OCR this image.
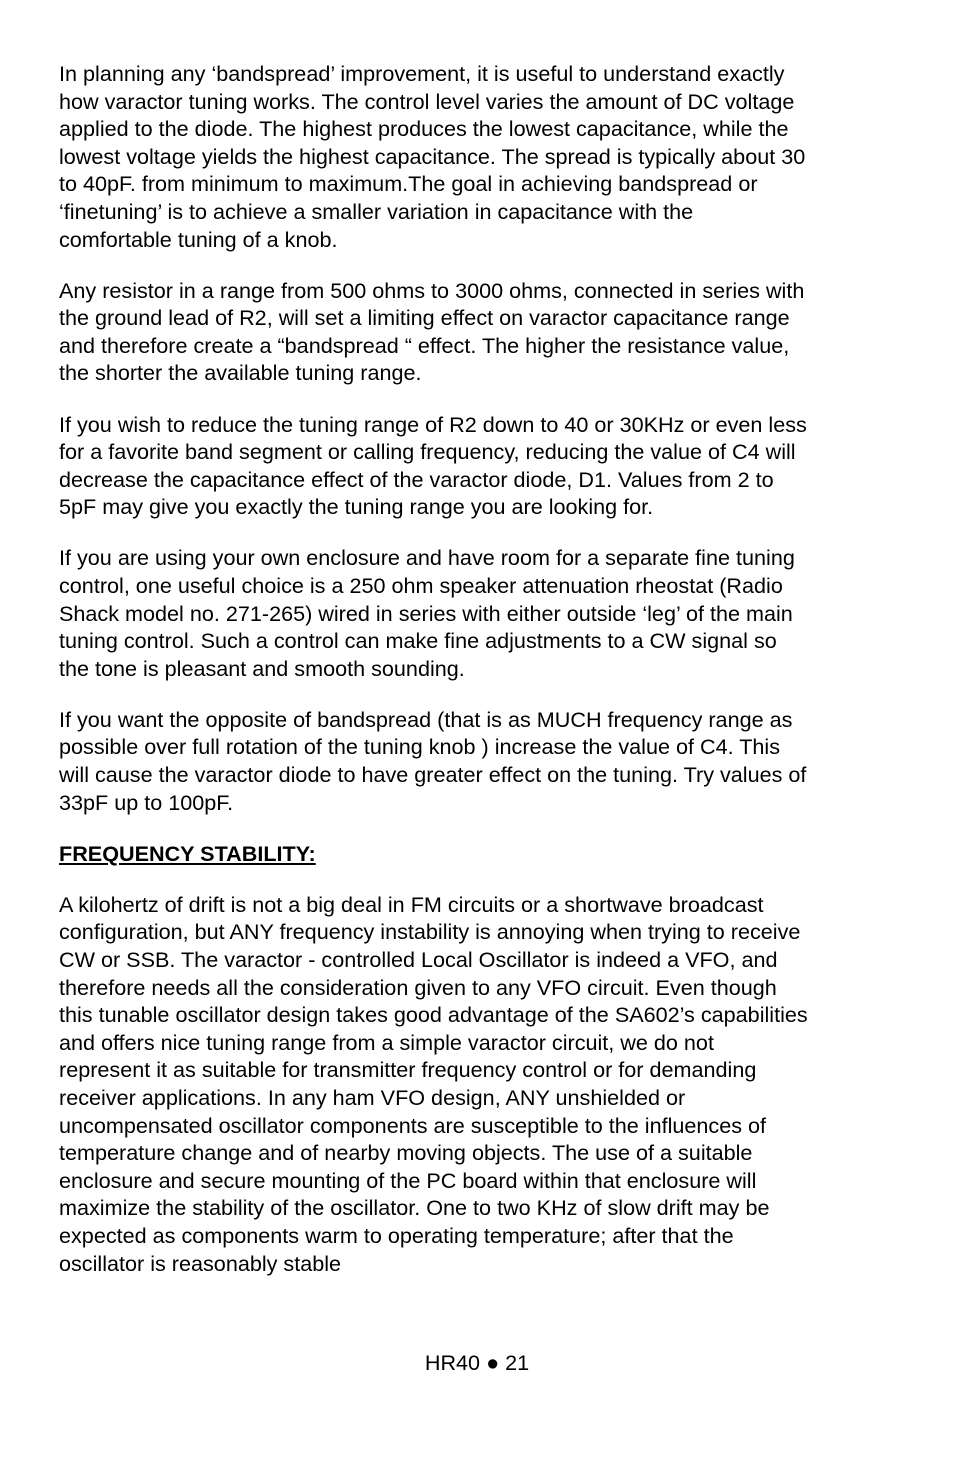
In planning any ‘bandspread’ improvement, it is useful to understand exactly
how varactor tuning works. The control level varies the amount of DC voltage
applied to the diode. The highest produces the lowest capacitance, while the
lowest voltage yields the highest capacitance. The spread is typically about 30
to 40pF. from minimum to maximum.The goal in achieving bandspread or
‘finetuning’ is to achieve a smaller variation in capacitance with the
comfortable tuning of a knob.
Any resistor in a range from 500 ohms to 3000 ohms, connected in series with
the ground lead of R2, will set a limiting effect on varactor capacitance range
and therefore create a “bandspread “ effect. The higher the resistance value,
the shorter the available tuning range.
If you wish to reduce the tuning range of R2 down to 40 or 30KHz or even less
for a favorite band segment or calling frequency, reducing the value of C4 will
decrease the capacitance effect of the varactor diode, D1. Values from 2 to
5pF may give you exactly the tuning range you are looking for.
If you are using your own enclosure and have room for a separate fine tuning
control, one useful choice is a 250 ohm speaker attenuation rheostat (Radio
Shack model no. 271-265) wired in series with either outside ‘leg’ of the main
tuning control. Such a control can make fine adjustments to a CW signal so
the tone is pleasant and smooth sounding.
If you want the opposite of bandspread (that is as MUCH frequency range as
possible over full rotation of the tuning knob ) increase the value of C4. This
will cause the varactor diode to have greater effect on the tuning. Try values of
33pF up to 100pF.
FREQUENCY STABILITY:
A kilohertz of drift is not a big deal in FM circuits or a shortwave broadcast
configuration, but ANY frequency instability is annoying when trying to receive
CW or SSB. The varactor - controlled Local Oscillator is indeed a VFO, and
therefore needs all the consideration given to any VFO circuit. Even though
this tunable oscillator design takes good advantage of the SA602’s capabilities
and offers nice tuning range from a simple varactor circuit, we do not
represent it as suitable for transmitter frequency control or for demanding
receiver applications. In any ham VFO design, ANY unshielded or
uncompensated oscillator components are susceptible to the influences of
temperature change and of nearby moving objects. The use of a suitable
enclosure and secure mounting of the PC board within that enclosure will
maximize the stability of the oscillator. One to two KHz of slow drift may be
expected as components warm to operating temperature; after that the
oscillator is reasonably stable
HR40 ● 21
